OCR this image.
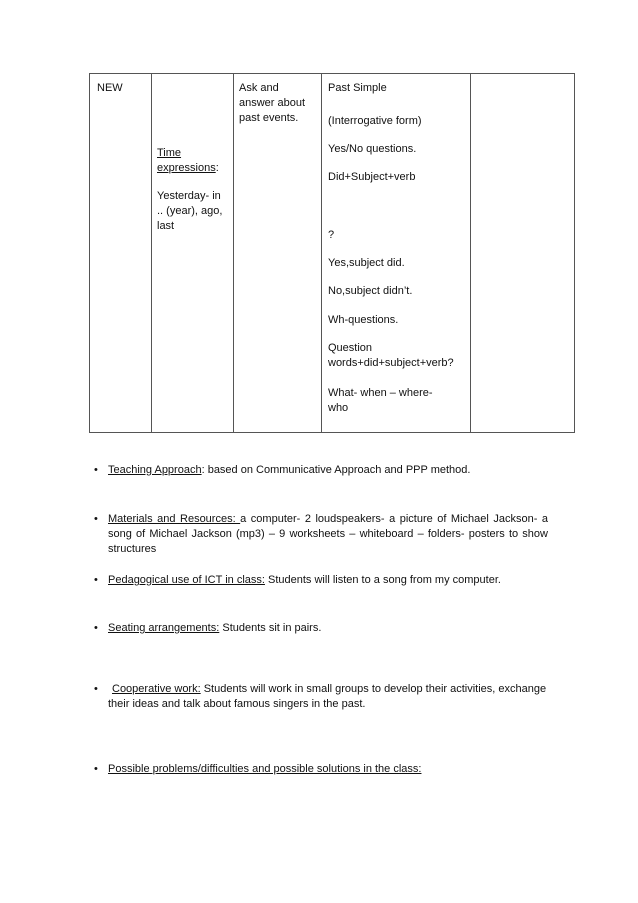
NEW

Time expressions:

Yesterday- in .. (year), ago, last

Ask and answer about past events.

Past Simple

(Interrogative form)

Yes/No questions.

Did+Subject+verb

?

Yes,subject did.

No,subject didn’t.

Wh-questions.

Question words+did+subject+verb?

What- when – where- who

• Teaching Approach: based on Communicative Approach and PPP method.
• Materials and Resources: a computer- 2 loudspeakers- a picture of Michael Jackson- a song of Michael Jackson (mp3) – 9 worksheets – whiteboard – folders- posters to show structures
• Pedagogical use of ICT in class: Students will listen to a song from my computer.
• Seating arrangements: Students sit in pairs.
• Cooperative work: Students will work in small groups to develop their activities, exchange their ideas and talk about famous singers in the past.
• Possible problems/difficulties and possible solutions in the class:
